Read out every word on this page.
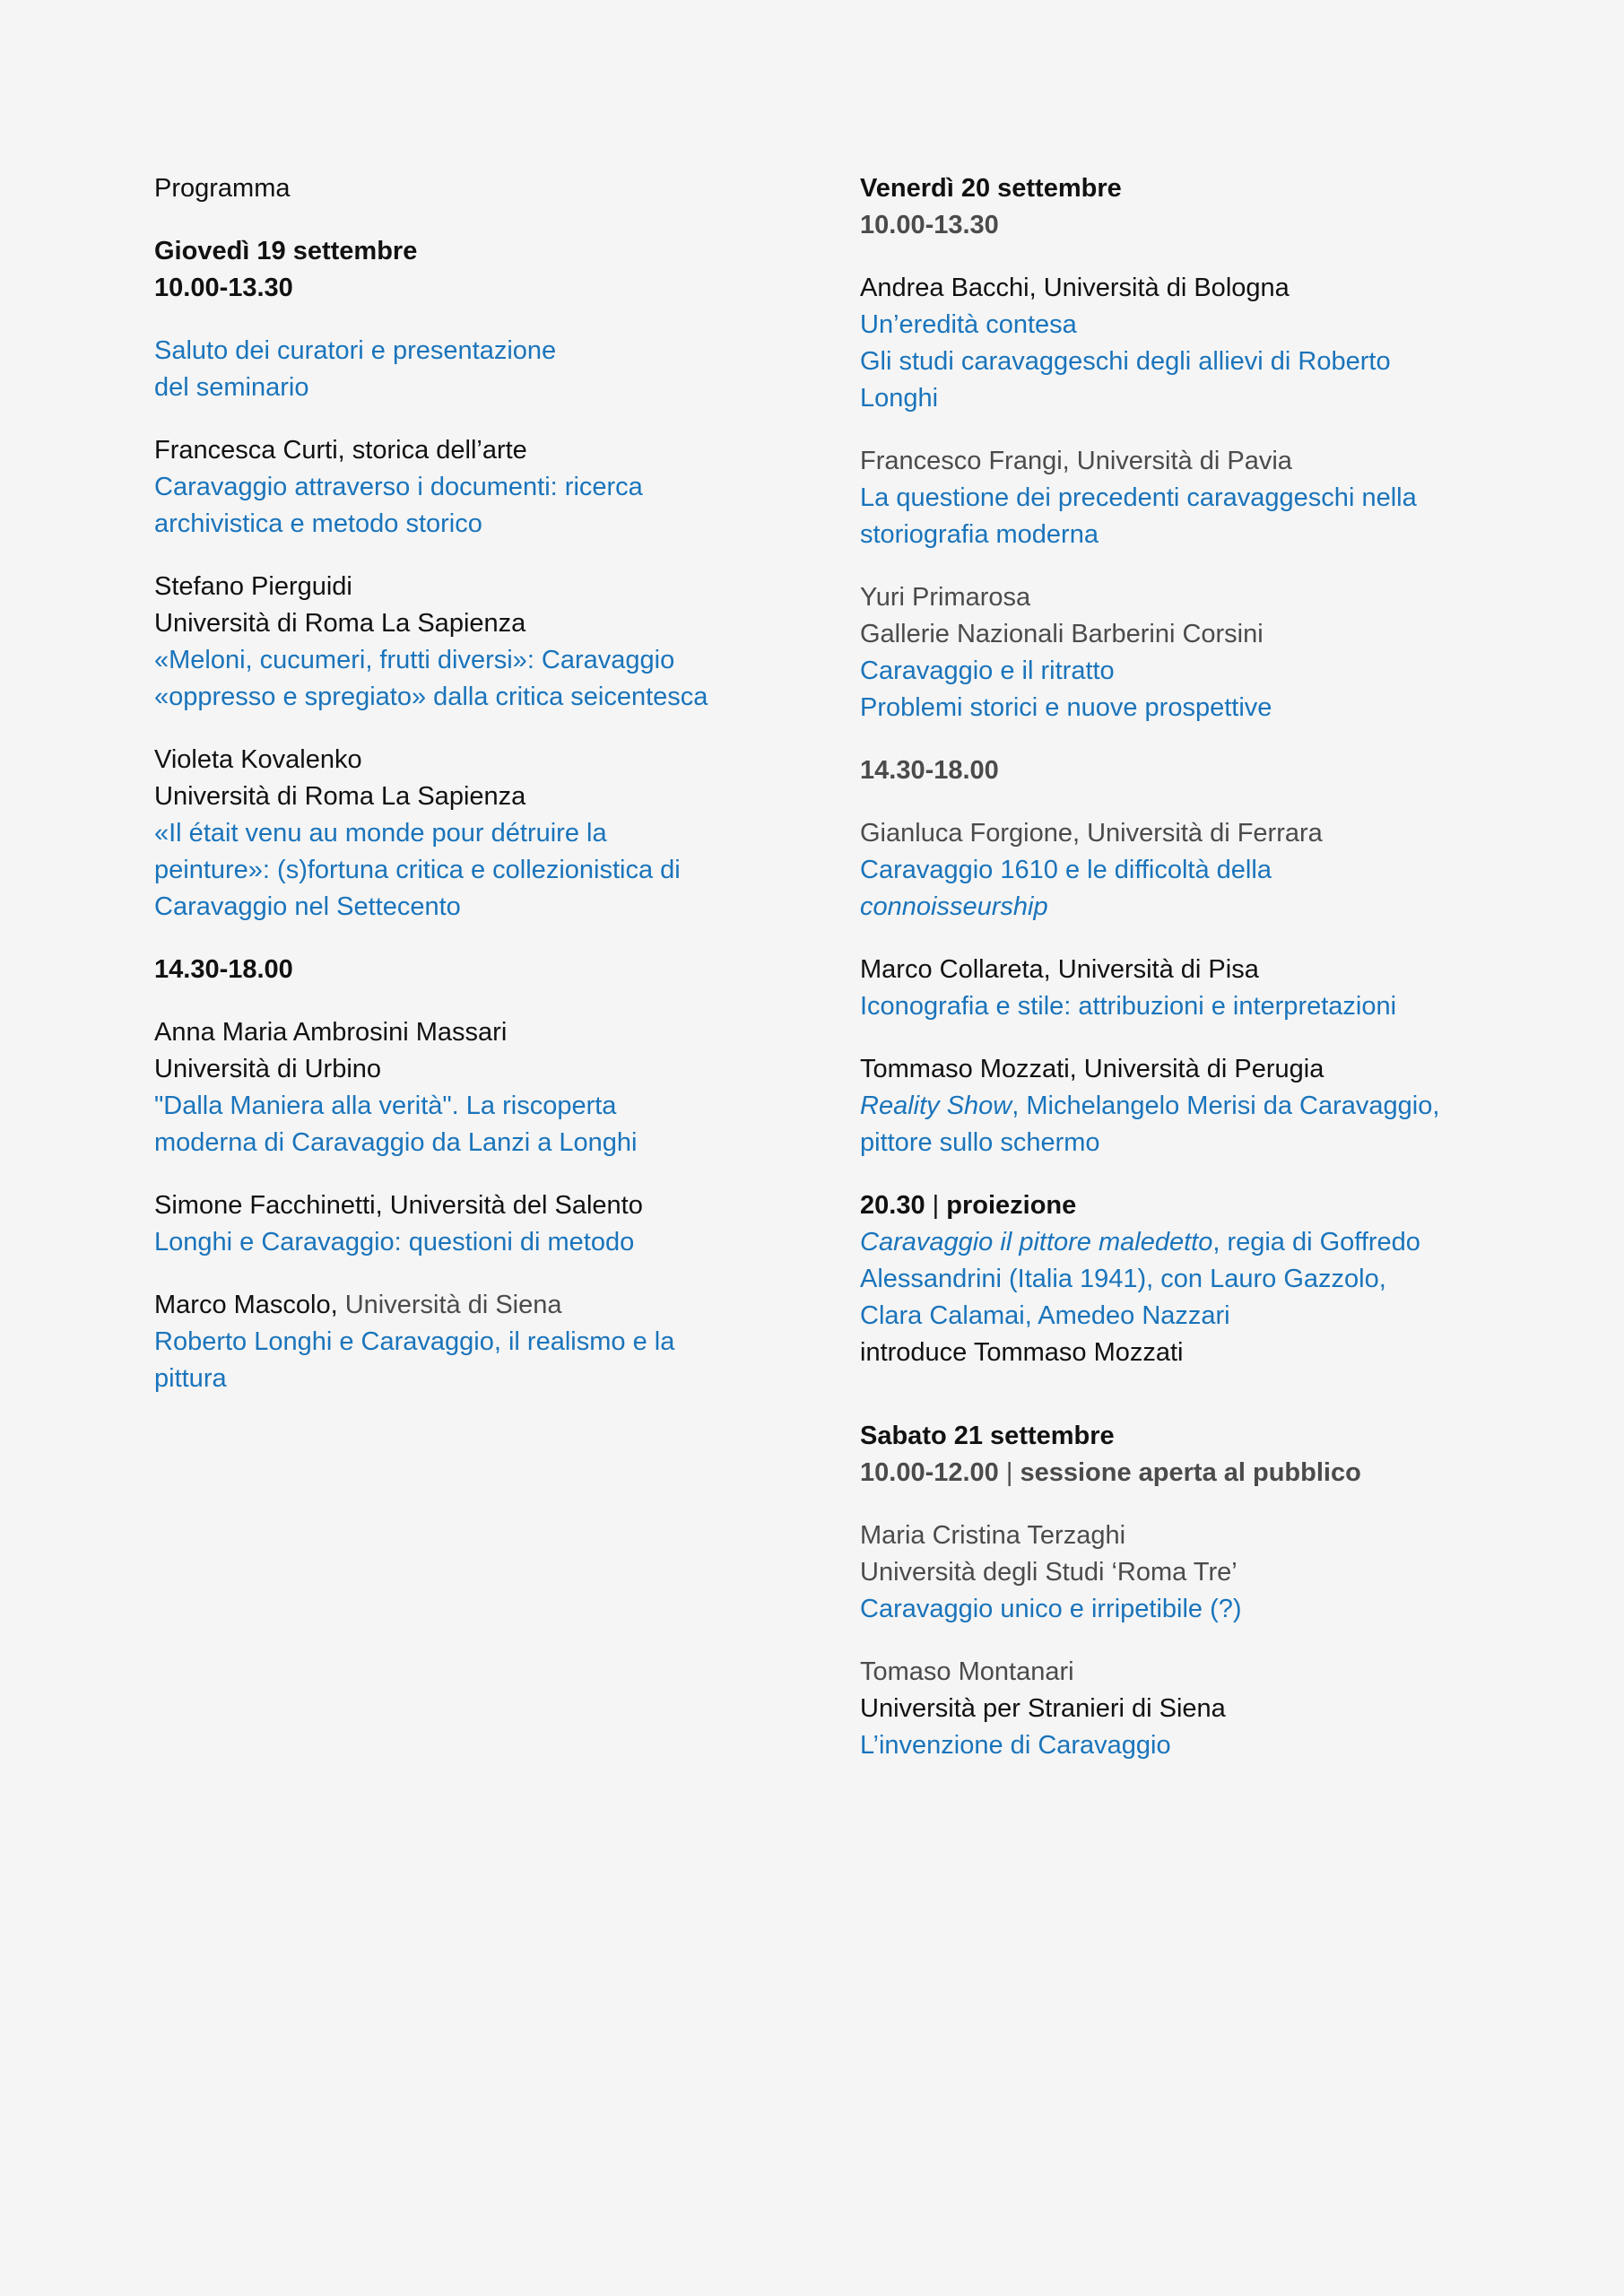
Programma
Giovedì 19 settembre
10.00-13.30
Saluto dei curatori e presentazione
del seminario
Francesca Curti, storica dell’arte
Caravaggio attraverso i documenti: ricerca
archivistica e metodo storico
Stefano Pierguidi
Università di Roma La Sapienza
«Meloni, cucumeri, frutti diversi»: Caravaggio
«oppresso e spregiato» dalla critica seicentesca
Violeta Kovalenko
Università di Roma La Sapienza
«Il était venu au monde pour détruire la
peinture»: (s)fortuna critica e collezionistica di
Caravaggio nel Settecento
14.30-18.00
Anna Maria Ambrosini Massari
Università di Urbino
"Dalla Maniera alla verità". La riscoperta
moderna di Caravaggio da Lanzi a Longhi
Simone Facchinetti, Università del Salento
Longhi e Caravaggio: questioni di metodo
Marco Mascolo, Università di Siena
Roberto Longhi e Caravaggio, il realismo e la
pittura
Venerdì 20 settembre
10.00-13.30
Andrea Bacchi, Università di Bologna
Un’eredità contesa
Gli studi caravaggeschi degli allievi di Roberto
Longhi
Francesco Frangi, Università di Pavia
La questione dei precedenti caravaggeschi nella
storiografia moderna
Yuri Primarosa
Gallerie Nazionali Barberini Corsini
Caravaggio e il ritratto
Problemi storici e nuove prospettive
14.30-18.00
Gianluca Forgione, Università di Ferrara
Caravaggio 1610 e le difficoltà della
connoisseurship
Marco Collareta, Università di Pisa
Iconografia e stile: attribuzioni e interpretazioni
Tommaso Mozzati, Università di Perugia
Reality Show, Michelangelo Merisi da Caravaggio,
pittore sullo schermo
20.30 | proiezione
Caravaggio il pittore maledetto, regia di Goffredo
Alessandrini (Italia 1941), con Lauro Gazzolo,
Clara Calamai, Amedeo Nazzari
introduce Tommaso Mozzati
Sabato 21 settembre
10.00-12.00 | sessione aperta al pubblico
Maria Cristina Terzaghi
Università degli Studi ‘Roma Tre’
Caravaggio unico e irripetibile (?)
Tomaso Montanari
Università per Stranieri di Siena
L’invenzione di Caravaggio
